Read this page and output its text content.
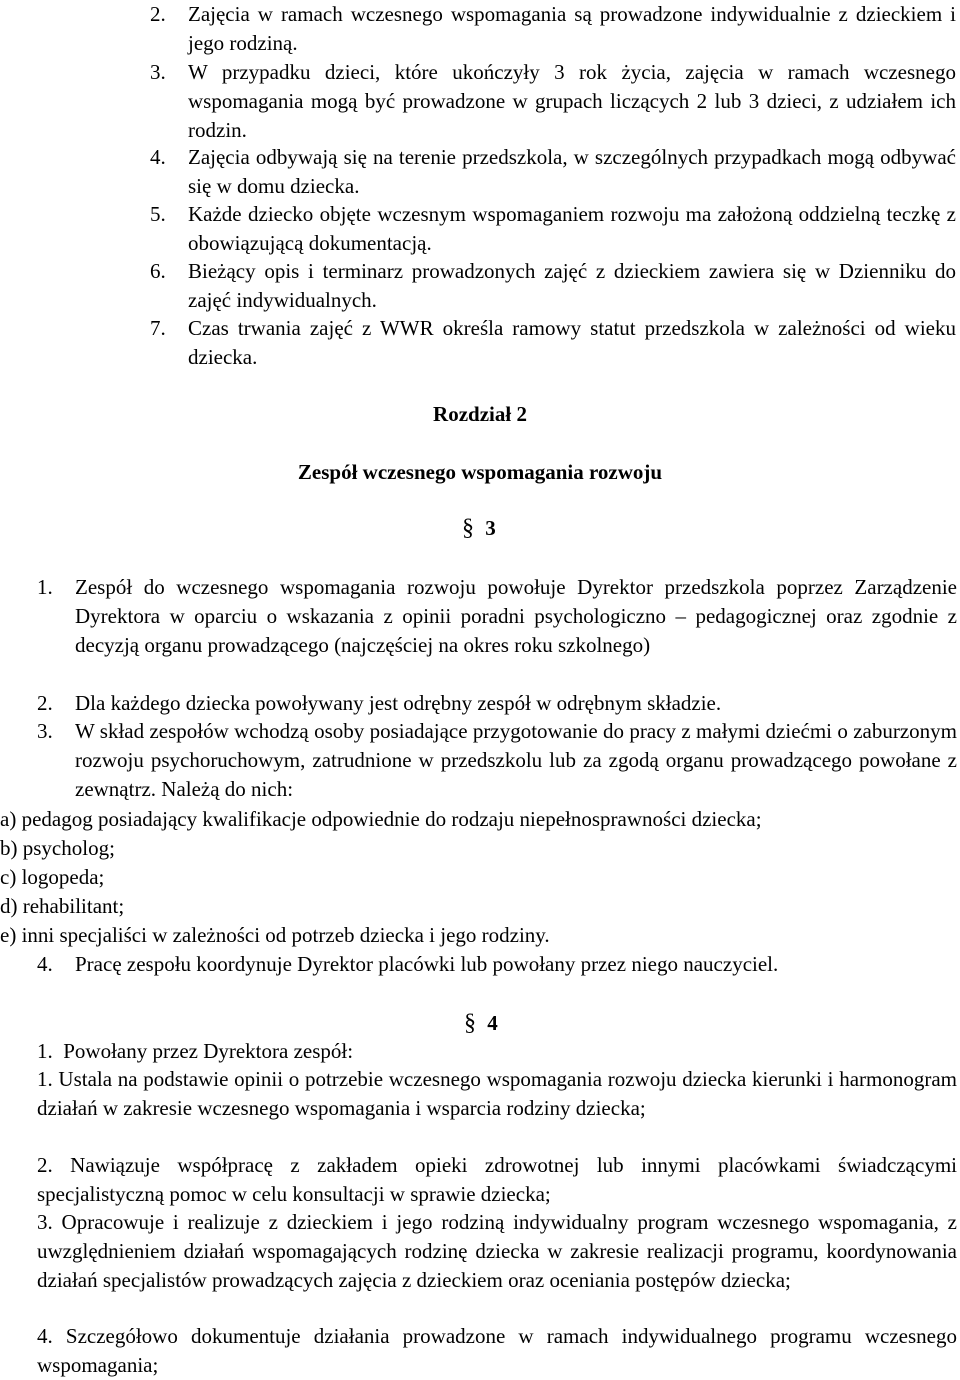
2. Zajęcia w ramach wczesnego wspomagania są prowadzone indywidualnie z dzieckiem i jego rodziną.
3. W przypadku dzieci, które ukończyły 3 rok życia, zajęcia w ramach wczesnego wspomagania mogą być prowadzone w grupach liczących 2 lub 3 dzieci, z udziałem ich rodzin.
4. Zajęcia odbywają się na terenie przedszkola, w szczególnych przypadkach mogą odbywać się w domu dziecka.
5. Każde dziecko objęte wczesnym wspomaganiem rozwoju ma założoną oddzielną teczkę z obowiązującą dokumentacją.
6. Bieżący opis i terminarz prowadzonych zajęć z dzieckiem zawiera się w Dzienniku do zajęć indywidualnych.
7. Czas trwania zajęć z WWR określa ramowy statut przedszkola w zależności od wieku dziecka.
Rozdział 2
Zespół wczesnego wspomagania rozwoju
§ 3
1. Zespół do wczesnego wspomagania rozwoju powołuje Dyrektor przedszkola poprzez Zarządzenie Dyrektora w oparciu o wskazania z opinii poradni psychologiczno – pedagogicznej oraz zgodnie z decyzją organu prowadzącego (najczęściej na okres roku szkolnego)
2. Dla każdego dziecka powoływany jest odrębny zespół w odrębnym składzie.
3. W skład zespołów wchodzą osoby posiadające przygotowanie do pracy z małymi dziećmi o zaburzonym rozwoju psychoruchowym, zatrudnione w przedszkolu lub za zgodą organu prowadzącego powołane z zewnątrz. Należą do nich:
a) pedagog posiadający kwalifikacje odpowiednie do rodzaju niepełnosprawności dziecka;
b) psycholog;
c) logopeda;
d) rehabilitant;
e) inni specjaliści w zależności od potrzeb dziecka i jego rodziny.
4. Pracę zespołu koordynuje Dyrektor placówki lub powołany przez niego nauczyciel.
§ 4
1.  Powołany przez Dyrektora zespół:
1. Ustala na podstawie opinii o potrzebie wczesnego wspomagania rozwoju dziecka kierunki i harmonogram działań w zakresie wczesnego wspomagania i wsparcia rodziny dziecka;
2. Nawiązuje współpracę z zakładem opieki zdrowotnej lub innymi placówkami świadczącymi specjalistyczną pomoc w celu konsultacji w sprawie dziecka;
3. Opracowuje i realizuje z dzieckiem i jego rodziną indywidualny program wczesnego wspomagania, z uwzględnieniem działań wspomagających rodzinę dziecka w zakresie realizacji programu, koordynowania działań specjalistów prowadzących zajęcia z dzieckiem oraz oceniania postępów dziecka;
4. Szczegółowo dokumentuje działania prowadzone w ramach indywidualnego programu wczesnego wspomagania;
